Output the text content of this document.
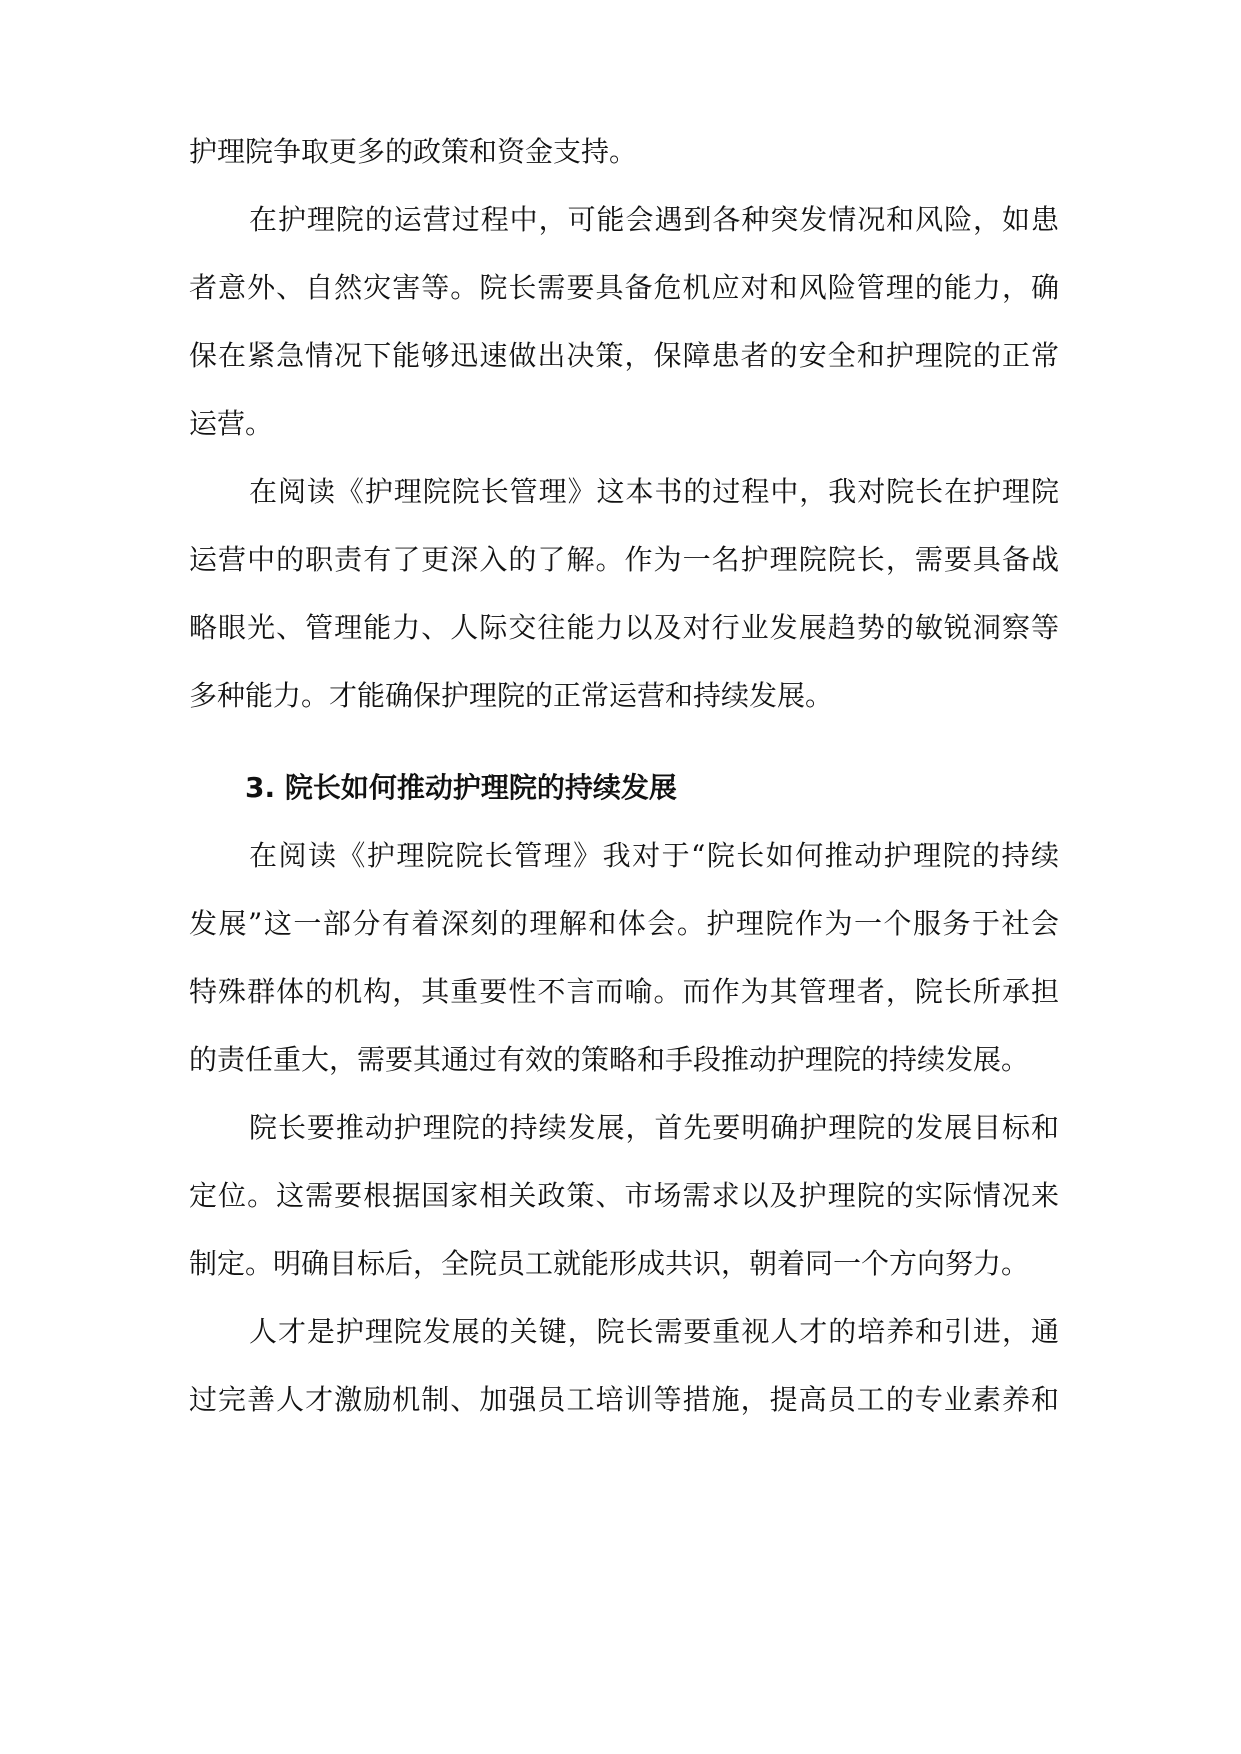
护理院争取更多的政策和资金支持。
在护理院的运营过程中，可能会遇到各种突发情况和风险，如患
者意外、自然灾害等。院长需要具备危机应对和风险管理的能力，确
保在紧急情况下能够迅速做出决策，保障患者的安全和护理院的正常
运营。
在阅读《护理院院长管理》这本书的过程中，我对院长在护理院
运营中的职责有了更深入的了解。作为一名护理院院长，需要具备战
略眼光、管理能力、人际交往能力以及对行业发展趋势的敏锐洞察等
多种能力。才能确保护理院的正常运营和持续发展。
3. 院长如何推动护理院的持续发展
在阅读《护理院院长管理》我对于“院长如何推动护理院的持续
发展”这一部分有着深刻的理解和体会。护理院作为一个服务于社会
特殊群体的机构，其重要性不言而喻。而作为其管理者，院长所承担
的责任重大，需要其通过有效的策略和手段推动护理院的持续发展。
院长要推动护理院的持续发展，首先要明确护理院的发展目标和
定位。这需要根据国家相关政策、市场需求以及护理院的实际情况来
制定。明确目标后，全院员工就能形成共识，朝着同一个方向努力。
人才是护理院发展的关键，院长需要重视人才的培养和引进，通
过完善人才激励机制、加强员工培训等措施，提高员工的专业素养和
